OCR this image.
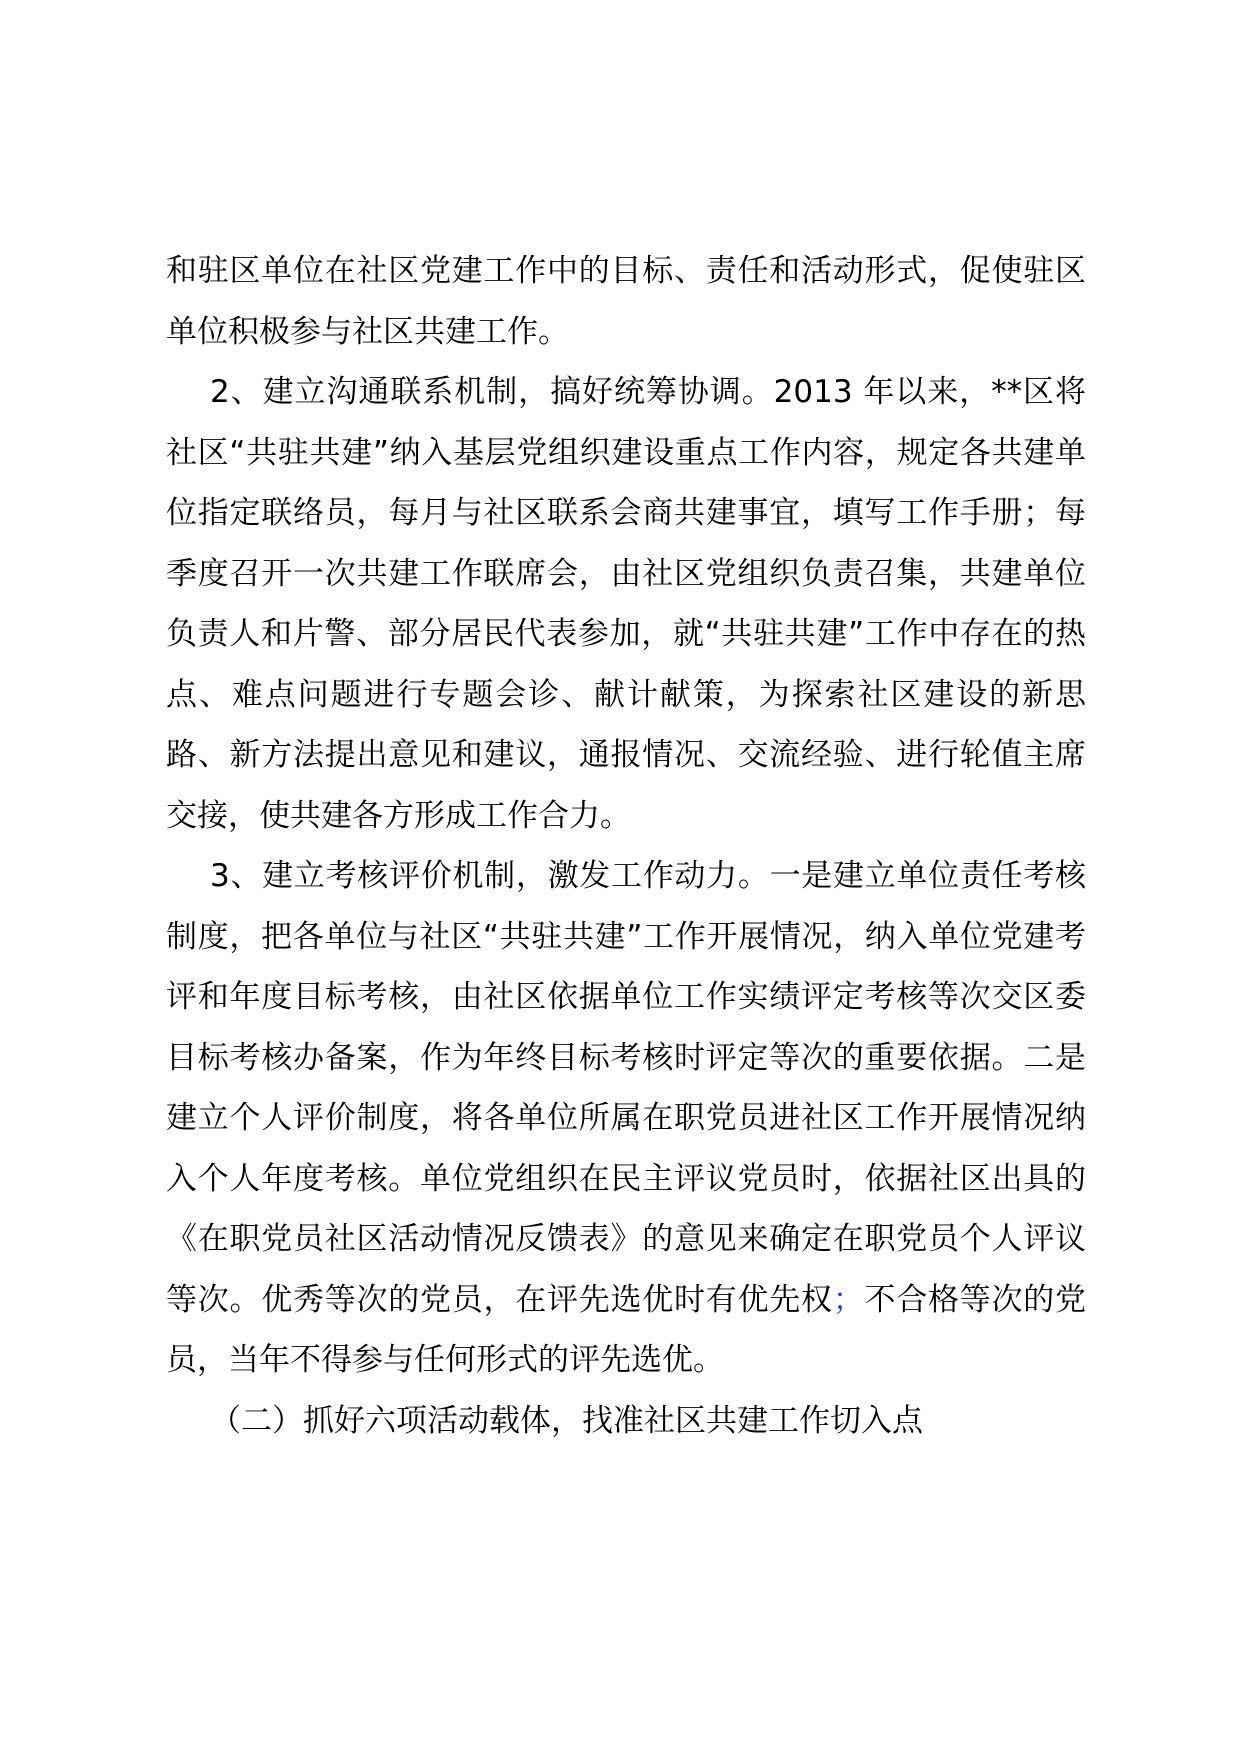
和驻区单位在社区党建工作中的目标、责任和活动形式，促使驻区单位积极参与社区共建工作。

2、建立沟通联系机制，搞好统筹协调。2013 年以来，**区将社区“共驻共建”纳入基层党组织建设重点工作内容，规定各共建单位指定联络员，每月与社区联系会商共建事宜，填写工作手册；每季度召开一次共建工作联席会，由社区党组织负责召集，共建单位负责人和片警、部分居民代表参加，就“共驻共建”工作中存在的热点、难点问题进行专题会诊、献计献策，为探索社区建设的新思路、新方法提出意见和建议，通报情况、交流经验、进行轮值主席交接，使共建各方形成工作合力。

3、建立考核评价机制，激发工作动力。一是建立单位责任考核制度，把各单位与社区“共驻共建”工作开展情况，纳入单位党建考评和年度目标考核，由社区依据单位工作实绩评定考核等次交区委目标考核办备案，作为年终目标考核时评定等次的重要依据。二是建立个人评价制度，将各单位所属在职党员进社区工作开展情况纳入个人年度考核。单位党组织在民主评议党员时，依据社区出具的《在职党员社区活动情况反馈表》的意见来确定在职党员个人评议等次。优秀等次的党员，在评先选优时有优先权；不合格等次的党员，当年不得参与任何形式的评先选优。

（二）抓好六项活动载体，找准社区共建工作切入点
